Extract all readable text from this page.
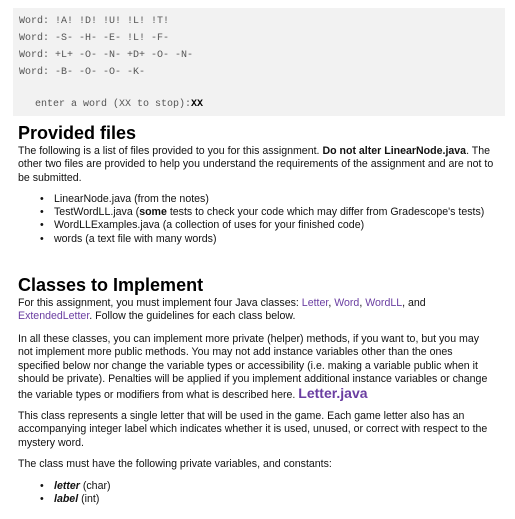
Word: !A! !D! !U! !L! !T!
Word: -S- -H- -E- !L! -F-
Word: +L+ -O- -N- +D+ -O- -N-
Word: -B- -O- -O- -K-
enter a word (XX to stop):XX
Provided files

The following is a list of files provided to you for this assignment. Do not alter LinearNode.java. The other two files are provided to help you understand the requirements of the assignment and are not to be submitted.

• LinearNode.java (from the notes)
• TestWordLL.java (some tests to check your code which may differ from Gradescope's tests)
• WordLLExamples.java (a collection of uses for your finished code)
• words (a text file with many words)
Classes to Implement

For this assignment, you must implement four Java classes: Letter, Word, WordLL, and ExtendedLetter. Follow the guidelines for each class below.

In all these classes, you can implement more private (helper) methods, if you want to, but you may not implement more public methods. You may not add instance variables other than the ones specified below nor change the variable types or accessibility (i.e. making a variable public when it should be private). Penalties will be applied if you implement additional instance variables or change the variable types or modifiers from what is described here. Letter.java

This class represents a single letter that will be used in the game. Each game letter also has an accompanying integer label which indicates whether it is used, unused, or correct with respect to the mystery word.

The class must have the following private variables, and constants:

• letter (char)
• label (int)
